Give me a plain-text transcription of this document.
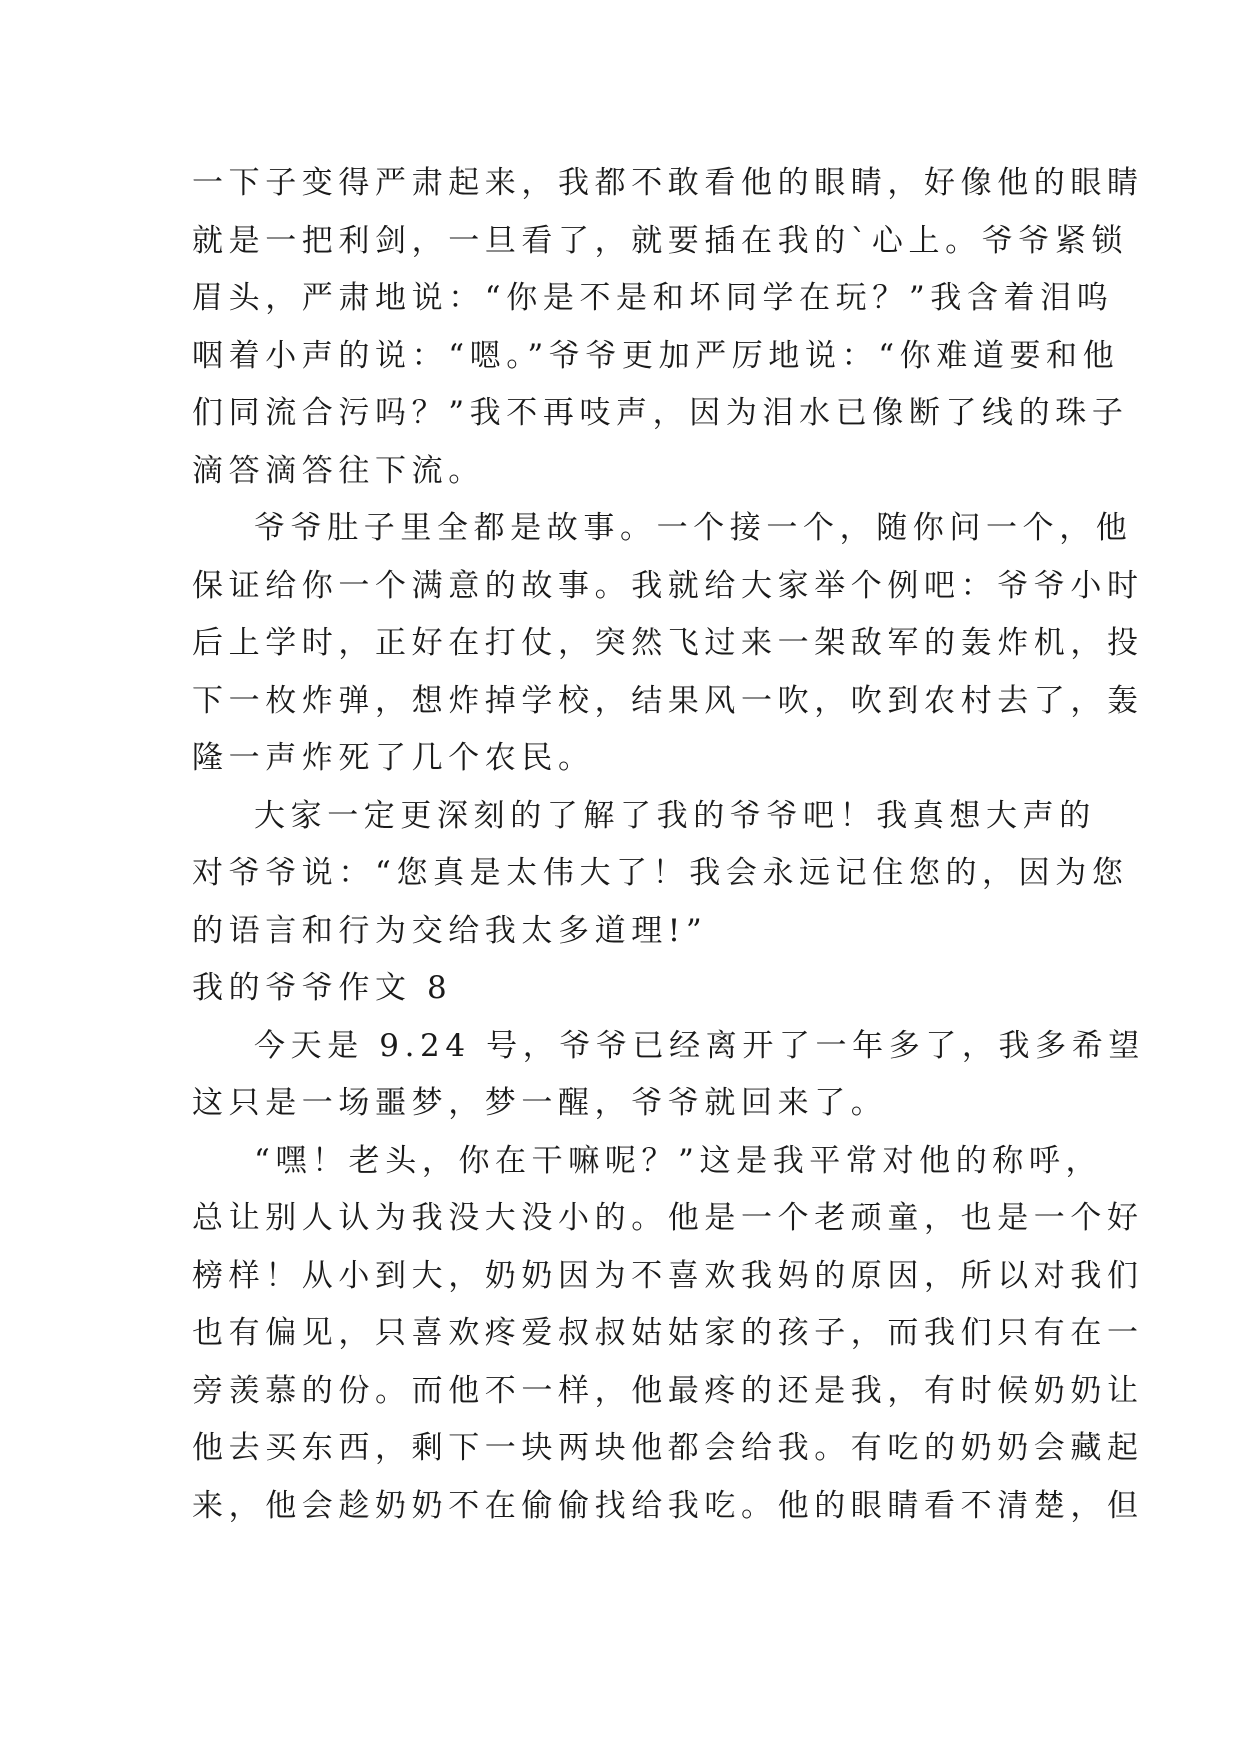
一下子变得严肃起来，我都不敢看他的眼睛，好像他的眼睛
就是一把利剑，一旦看了，就要插在我的`心上。爷爷紧锁
眉头，严肃地说：“你是不是和坏同学在玩？”我含着泪呜
咽着小声的说：“嗯。”爷爷更加严厉地说：“你难道要和他
们同流合污吗？”我不再吱声，因为泪水已像断了线的珠子
滴答滴答往下流。
爷爷肚子里全都是故事。一个接一个，随你问一个，他
保证给你一个满意的故事。我就给大家举个例吧：爷爷小时
后上学时，正好在打仗，突然飞过来一架敌军的轰炸机，投
下一枚炸弹，想炸掉学校，结果风一吹，吹到农村去了，轰
隆一声炸死了几个农民。
大家一定更深刻的了解了我的爷爷吧！我真想大声的
对爷爷说：“您真是太伟大了！我会永远记住您的，因为您
的语言和行为交给我太多道理!”
我的爷爷作文 8
今天是 9.24 号，爷爷已经离开了一年多了，我多希望
这只是一场噩梦，梦一醒，爷爷就回来了。
“嘿！老头，你在干嘛呢？”这是我平常对他的称呼，
总让别人认为我没大没小的。他是一个老顽童，也是一个好
榜样！从小到大，奶奶因为不喜欢我妈的原因，所以对我们
也有偏见，只喜欢疼爱叔叔姑姑家的孩子，而我们只有在一
旁羡慕的份。而他不一样，他最疼的还是我，有时候奶奶让
他去买东西，剩下一块两块他都会给我。有吃的奶奶会藏起
来，他会趁奶奶不在偷偷找给我吃。他的眼睛看不清楚，但
